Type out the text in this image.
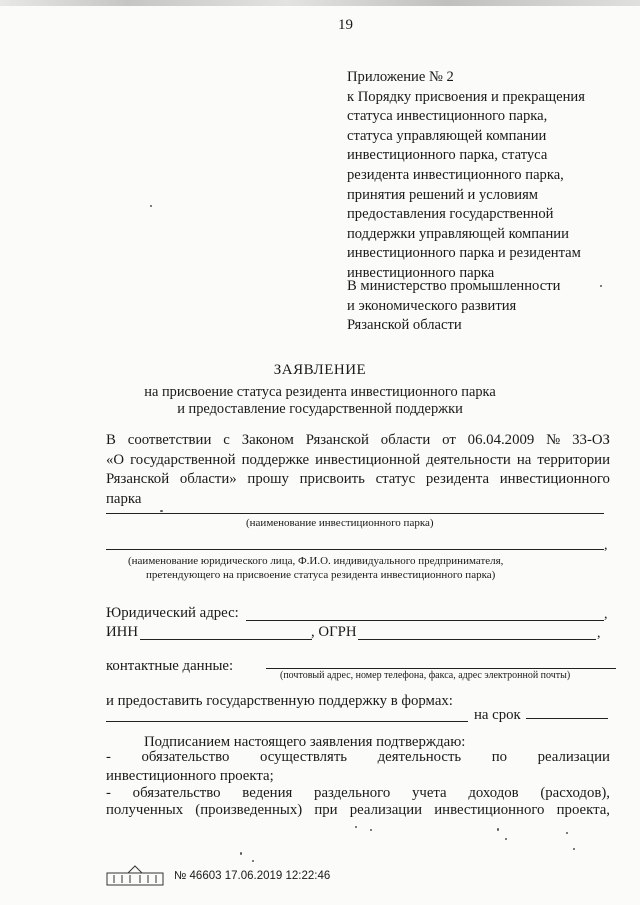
19
Приложение № 2
к Порядку присвоения и прекращения
статуса инвестиционного парка,
статуса управляющей компании
инвестиционного парка, статуса
резидента инвестиционного парка,
принятия решений и условиям
предоставления государственной
поддержки управляющей компании
инвестиционного парка и резидентам
инвестиционного парка
В министерство промышленности
и экономического развития
Рязанской области
ЗАЯВЛЕНИЕ
на присвоение статуса резидента инвестиционного парка
и предоставление государственной поддержки
В соответствии с Законом Рязанской области от 06.04.2009 № 33-ОЗ
«О государственной поддержке инвестиционной деятельности на территории
Рязанской области» прошу присвоить статус резидента инвестиционного
парка
(наименование инвестиционного парка)
,
(наименование юридического лица, Ф.И.О. индивидуального предпринимателя,
претендующего на присвоение статуса резидента инвестиционного парка)
Юридический адрес:	,
ИНН	, ОГРН	,
контактные данные:
(почтовый адрес, номер телефона, факса, адрес электронной почты)
и предоставить государственную поддержку в формах:
на срок
Подписанием настоящего заявления подтверждаю:
- обязательство осуществлять деятельность по реализации
инвестиционного проекта;
- обязательство ведения раздельного учета доходов (расходов),
полученных (произведенных) при реализации инвестиционного проекта,
№ 46603 17.06.2019 12:22:46
